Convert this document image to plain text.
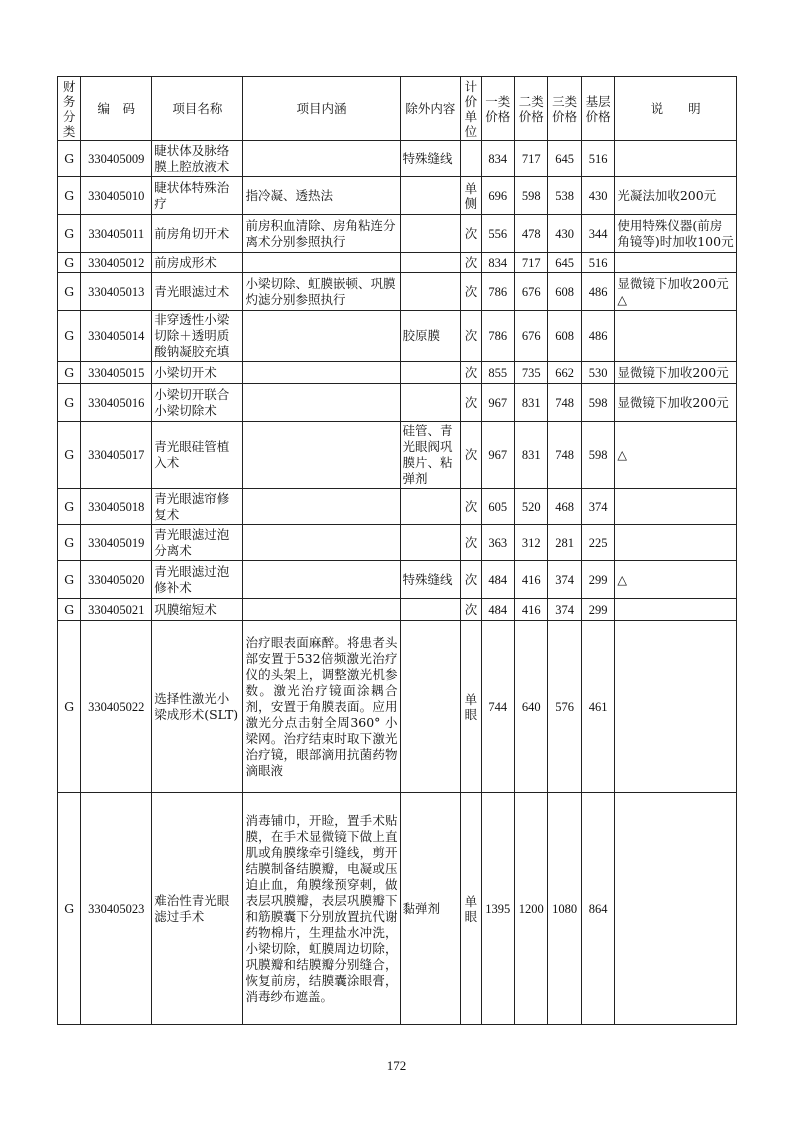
财务分类	编　码	项目名称	项目内涵	除外内容	计价单位	一类价格	二类价格	三类价格	基层价格	说　　明
G	330405009	睫状体及脉络膜上腔放液术		特殊缝线		834	717	645	516	
G	330405010	睫状体特殊治疗	指冷凝、透热法		单侧	696	598	538	430	光凝法加收200元
G	330405011	前房角切开术	前房积血清除、房角粘连分离术分别参照执行		次	556	478	430	344	使用特殊仪器(前房角镜等)时加收100元
G	330405012	前房成形术			次	834	717	645	516	
G	330405013	青光眼滤过术	小梁切除、虹膜嵌顿、巩膜灼滤分别参照执行		次	786	676	608	486	显微镜下加收200元△
G	330405014	非穿透性小梁切除＋透明质酸钠凝胶充填		胶原膜	次	786	676	608	486	
G	330405015	小梁切开术			次	855	735	662	530	显微镜下加收200元
G	330405016	小梁切开联合小梁切除术			次	967	831	748	598	显微镜下加收200元
G	330405017	青光眼硅管植入术		硅管、青光眼阀巩膜片、粘弹剂	次	967	831	748	598	△
G	330405018	青光眼滤帘修复术			次	605	520	468	374	
G	330405019	青光眼滤过泡分离术			次	363	312	281	225	
G	330405020	青光眼滤过泡修补术		特殊缝线	次	484	416	374	299	△
G	330405021	巩膜缩短术			次	484	416	374	299	
G	330405022	选择性激光小梁成形术(SLT)	治疗眼表面麻醉。将患者头部安置于532倍频激光治疗仪的头架上，调整激光机参数。激光治疗镜面涂耦合剂，安置于角膜表面。应用激光分点击射全周360° 小梁网。治疗结束时取下激光治疗镜，眼部滴用抗菌药物滴眼液		单眼	744	640	576	461	
G	330405023	难治性青光眼滤过手术	消毒铺巾，开睑，置手术贴膜，在手术显微镜下做上直肌或角膜缘牵引缝线，剪开结膜制备结膜瓣，电凝或压迫止血，角膜缘预穿刺，做表层巩膜瓣，表层巩膜瓣下和筋膜囊下分别放置抗代谢药物棉片，生理盐水冲洗，小梁切除，虹膜周边切除，巩膜瓣和结膜瓣分别缝合，恢复前房，结膜囊涂眼膏，消毒纱布遮盖。	黏弹剂	单眼	1395	1200	1080	864	
172
